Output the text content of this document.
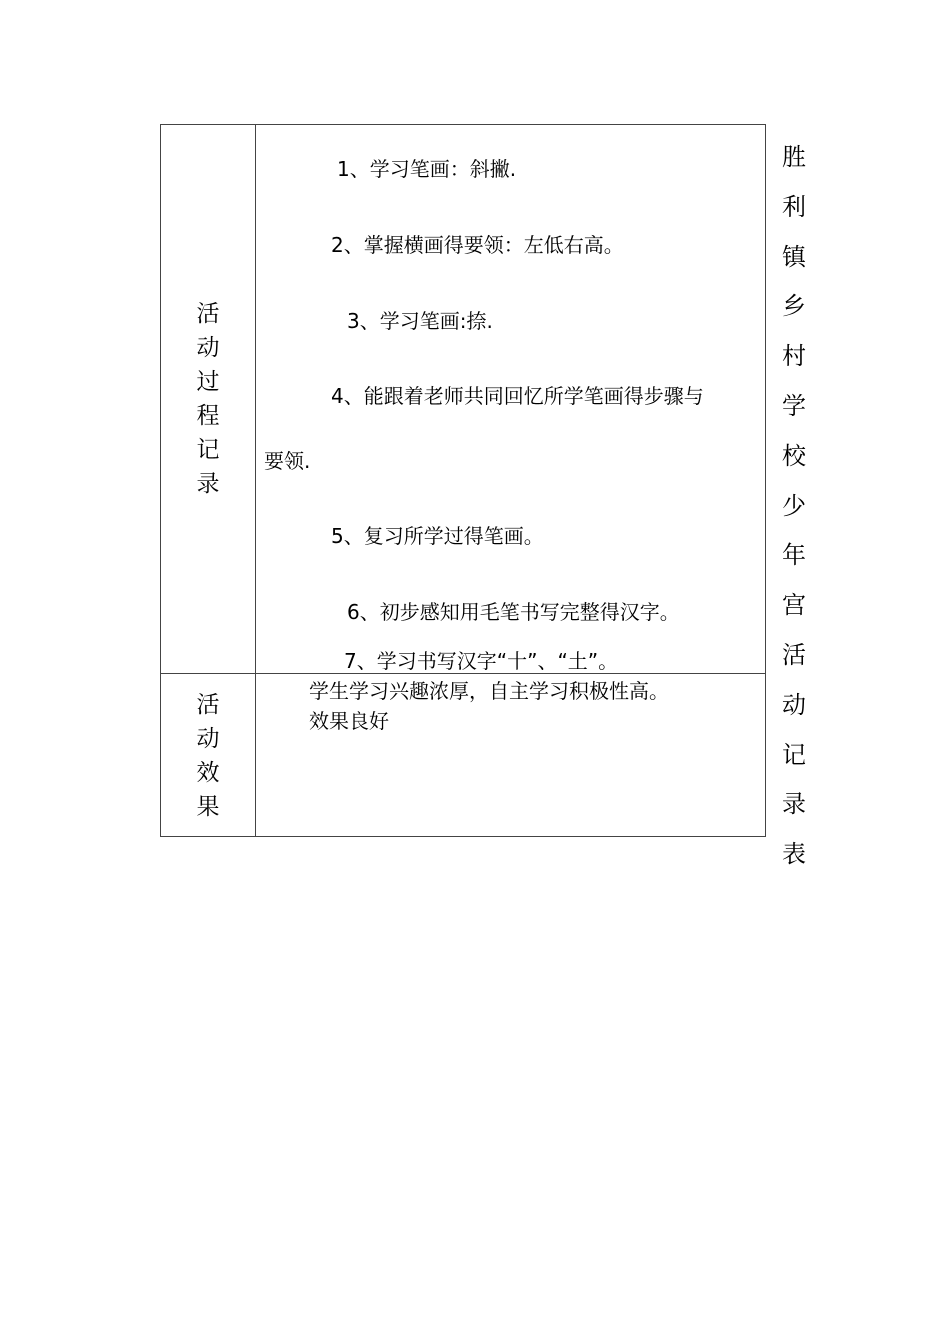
活动过程记录
活动效果
1、学习笔画：斜撇.
2、掌握横画得要领：左低右高。
3、学习笔画:捺.
4、能跟着老师共同回忆所学笔画得步骤与
要领.
5、复习所学过得笔画。
6、初步感知用毛笔书写完整得汉字。
7、学习书写汉字“十”、“土”。
学生学习兴趣浓厚，自主学习积极性高。
效果良好
胜利镇乡村学校少年宫活动记录表
